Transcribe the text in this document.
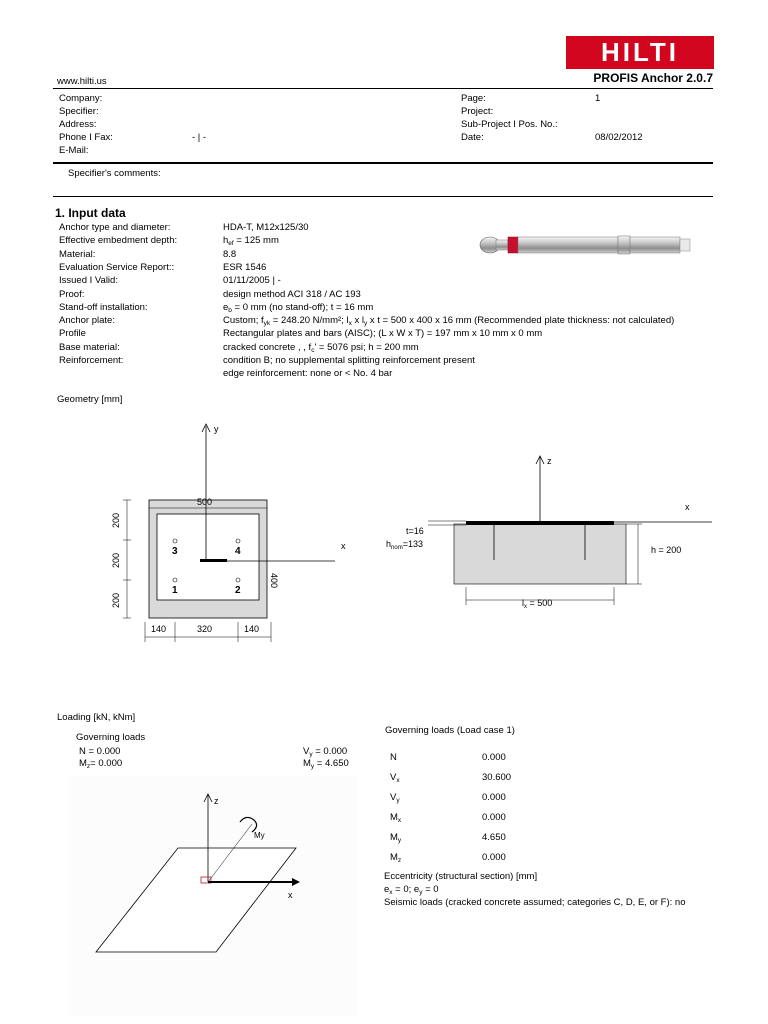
HILTI
www.hilti.us	PROFIS Anchor 2.0.7
Company:
Specifier:
Address:
Phone I Fax:	- | -
E-Mail:
Page:	1
Project:
Sub-Project I Pos. No.:
Date:	08/02/2012
Specifier's comments:
1. Input data
Anchor type and diameter:	HDA-T, M12x125/30
Effective embedment depth:	$h_{ef} = 125$ mm
Material:	8.8
Evaluation Service Report::	ESR 1546
Issued I Valid:	01/11/2005 | -
Proof:	design method ACI 318 / AC 193
Stand-off installation:	$e_b = 0$ mm (no stand-off); t = 16 mm
Anchor plate:	Custom; $f_{yk} = 248.20$ N/mm²; $l_x$ x $l_y$ x t = 500 x 400 x 16 mm (Recommended plate thickness: not calculated)
Profile	Rectangular plates and bars (AISC); (L x W x T) = 197 mm x 10 mm x 0 mm
Base material:	cracked concrete , , $f_c' = 5076$ psi; h = 200 mm
Reinforcement:	condition B; no supplemental splitting reinforcement present
edge reinforcement: none or < No. 4 bar
Geometry [mm]
y
x
3	4
1	2
500
400
200
200
200
140	320	140
z
x
t=16
$h_{nom}=133$
h = 200
$l_x = 500$
Loading [kN, kNm]
Governing loads
N = 0.000
$M_z= 0.000$
$V_y = 0.000$
$M_y = 4.650$
z
x
My
Governing loads (Load case 1)
N	0.000
$V_x$	30.600
$V_y$	0.000
$M_x$	0.000
$M_y$	4.650
$M_z$	0.000
Eccentricity (structural section) [mm]
$e_x = 0$; $e_y = 0$
Seismic loads (cracked concrete assumed; categories C, D, E, or F): no
